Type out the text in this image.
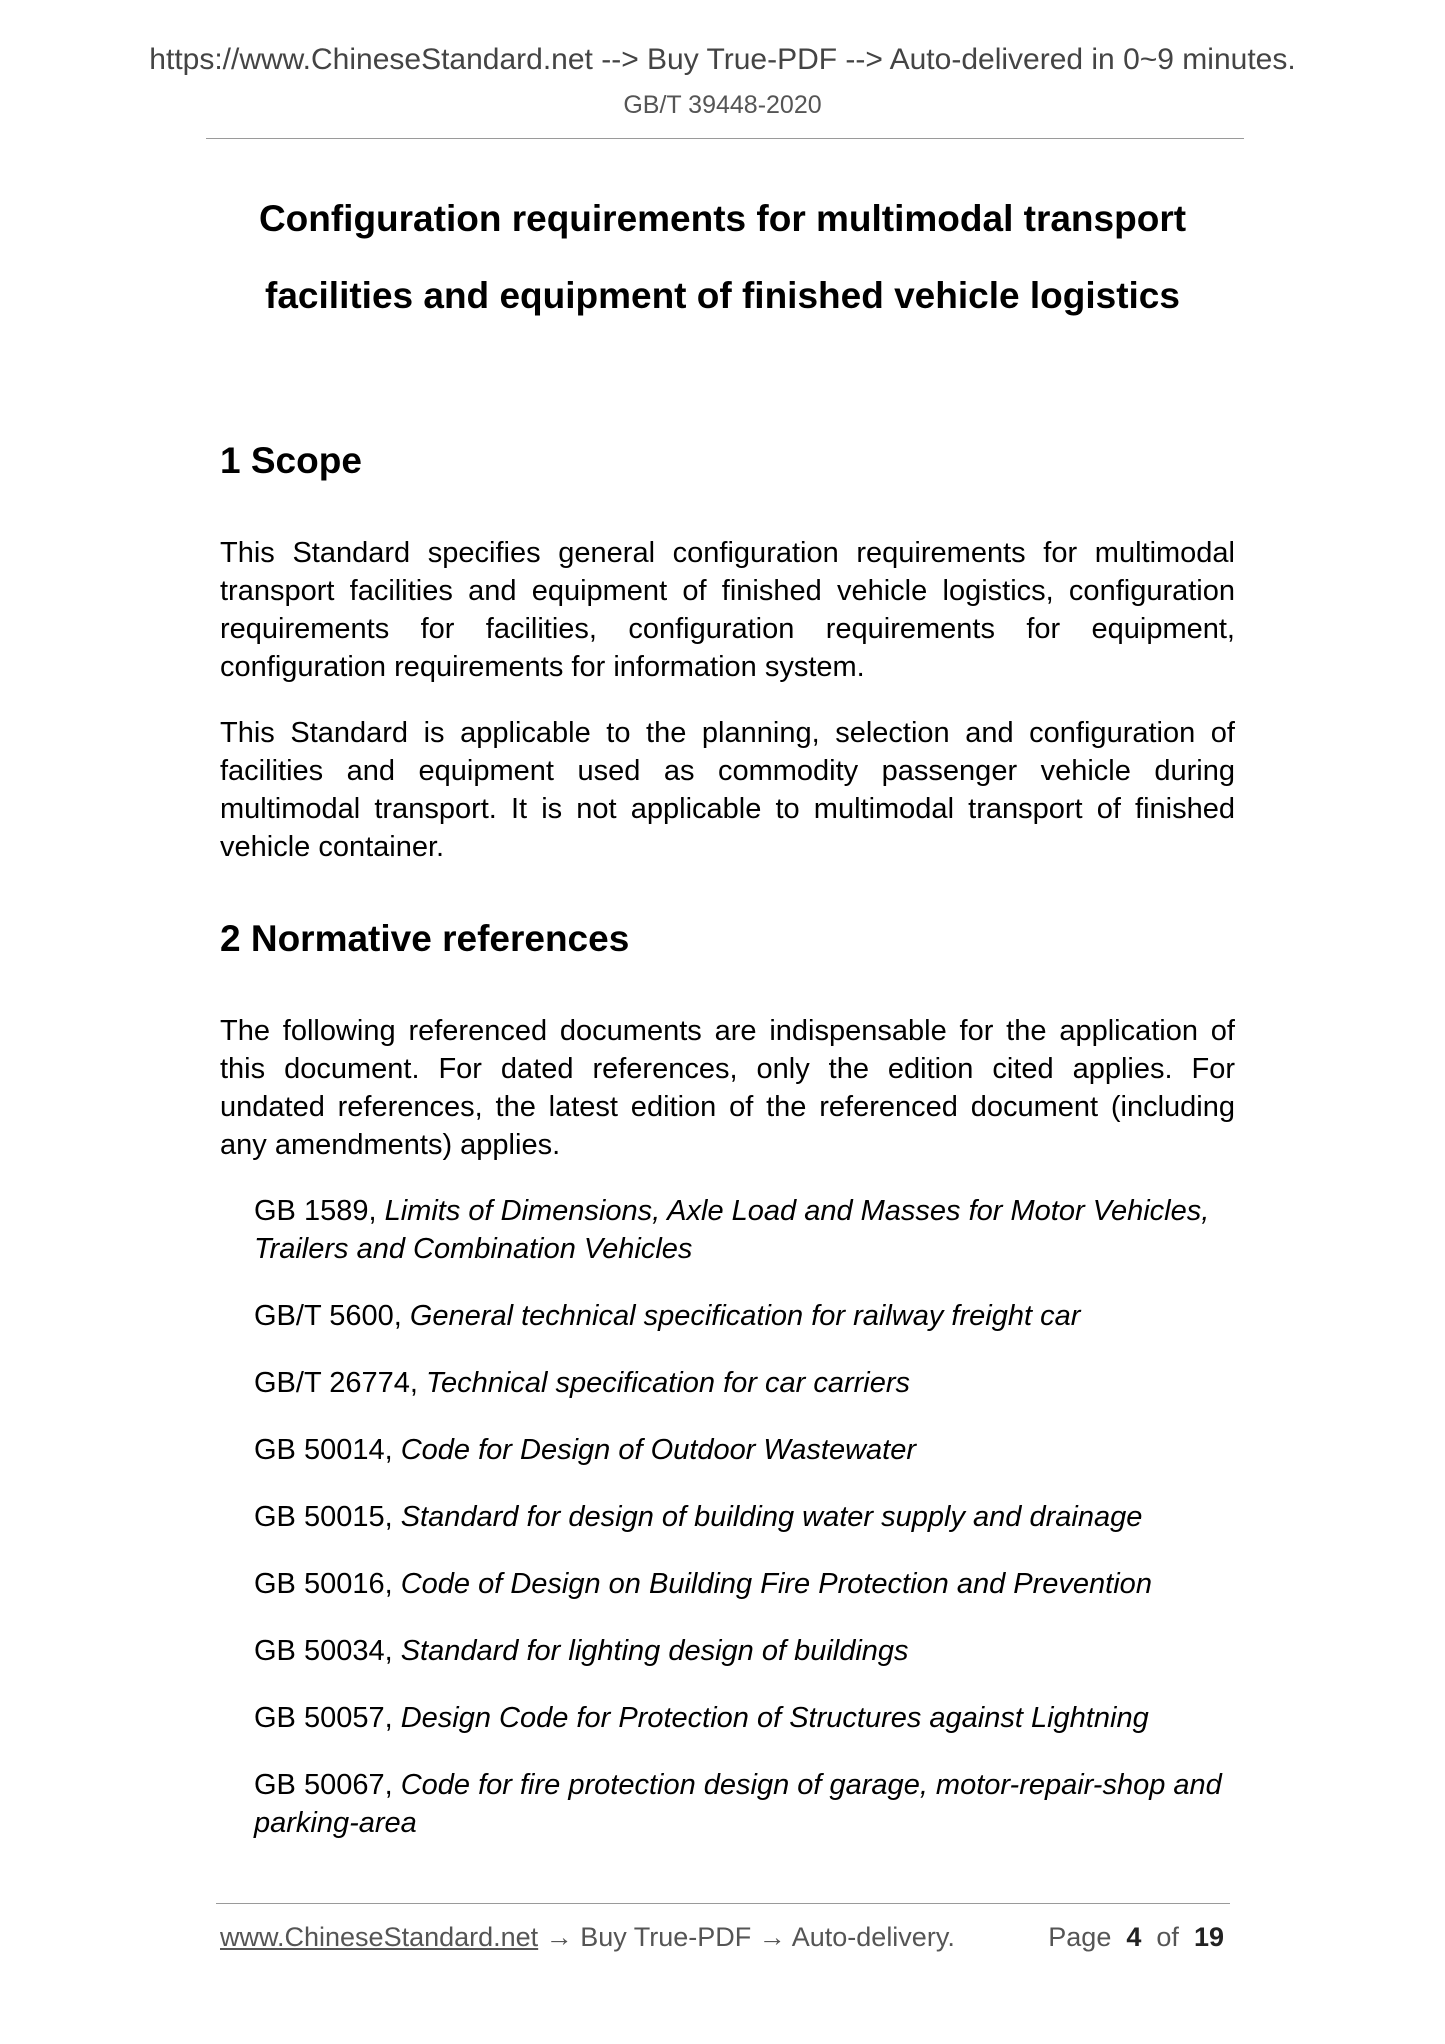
https://www.ChineseStandard.net --> Buy True-PDF --> Auto-delivered in 0~9 minutes.
GB/T 39448-2020
Configuration requirements for multimodal transport
facilities and equipment of finished vehicle logistics
1 Scope

This Standard specifies general configuration requirements for multimodal transport facilities and equipment of finished vehicle logistics, configuration requirements for facilities, configuration requirements for equipment, configuration requirements for information system.

This Standard is applicable to the planning, selection and configuration of facilities and equipment used as commodity passenger vehicle during multimodal transport. It is not applicable to multimodal transport of finished vehicle container.

2 Normative references

The following referenced documents are indispensable for the application of this document. For dated references, only the edition cited applies. For undated references, the latest edition of the referenced document (including any amendments) applies.

GB 1589, Limits of Dimensions, Axle Load and Masses for Motor Vehicles, Trailers and Combination Vehicles
GB/T 5600, General technical specification for railway freight car
GB/T 26774, Technical specification for car carriers
GB 50014, Code for Design of Outdoor Wastewater
GB 50015, Standard for design of building water supply and drainage
GB 50016, Code of Design on Building Fire Protection and Prevention
GB 50034, Standard for lighting design of buildings
GB 50057, Design Code for Protection of Structures against Lightning
GB 50067, Code for fire protection design of garage, motor-repair-shop and parking-area
www.ChineseStandard.net → Buy True-PDF → Auto-delivery.	Page 4 of 19
